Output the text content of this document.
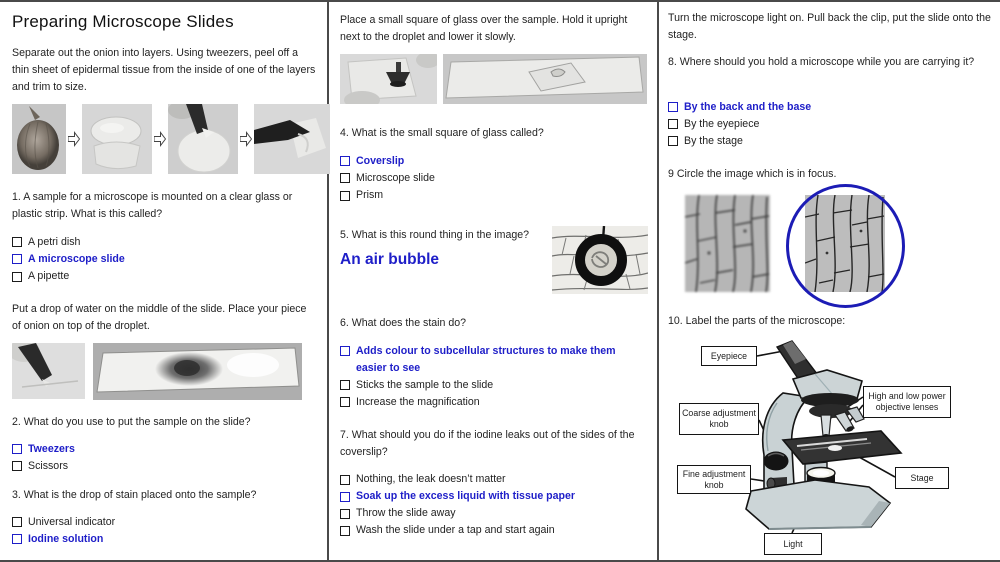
Preparing Microscope Slides

Separate out the onion into layers. Using tweezers, peel off a thin sheet of epidermal tissue from the inside of one of the layers and trim to size.

1. A sample for a microscope is mounted on a clear glass or plastic strip. What is this called?

A petri dish
A microscope slide
A pipette

Put a drop of water on the middle of the slide. Place your piece of onion on top of the droplet.

2. What do you use to put the sample on the slide?

Tweezers
Scissors

3. What is the drop of stain placed onto the sample?

Universal indicator
Iodine solution

Place a small square of glass over the sample. Hold it upright next to the droplet and lower it slowly.

4. What is the small square of glass called?

Coverslip
Microscope slide
Prism

5. What is this round thing in the image?

An air bubble

6. What does the stain do?

Adds colour to subcellular structures to make them easier to see
Sticks the sample to the slide
Increase the magnification

7. What should you do if the iodine leaks out of the sides of the coverslip?

Nothing, the leak doesn’t matter
Soak up the excess liquid with tissue paper
Throw the slide away
Wash the slide under a tap and start again

Turn the microscope light on. Pull back the clip, put the slide onto the stage.

8. Where should you hold a microscope while you are carrying it?

By the back and the base
By the eyepiece
By the stage

9 Circle the image which is in focus.

10. Label the parts of the microscope:

Eyepiece
Coarse adjustment knob
Fine adjustment knob
High and low power objective lenses
Stage
Light
